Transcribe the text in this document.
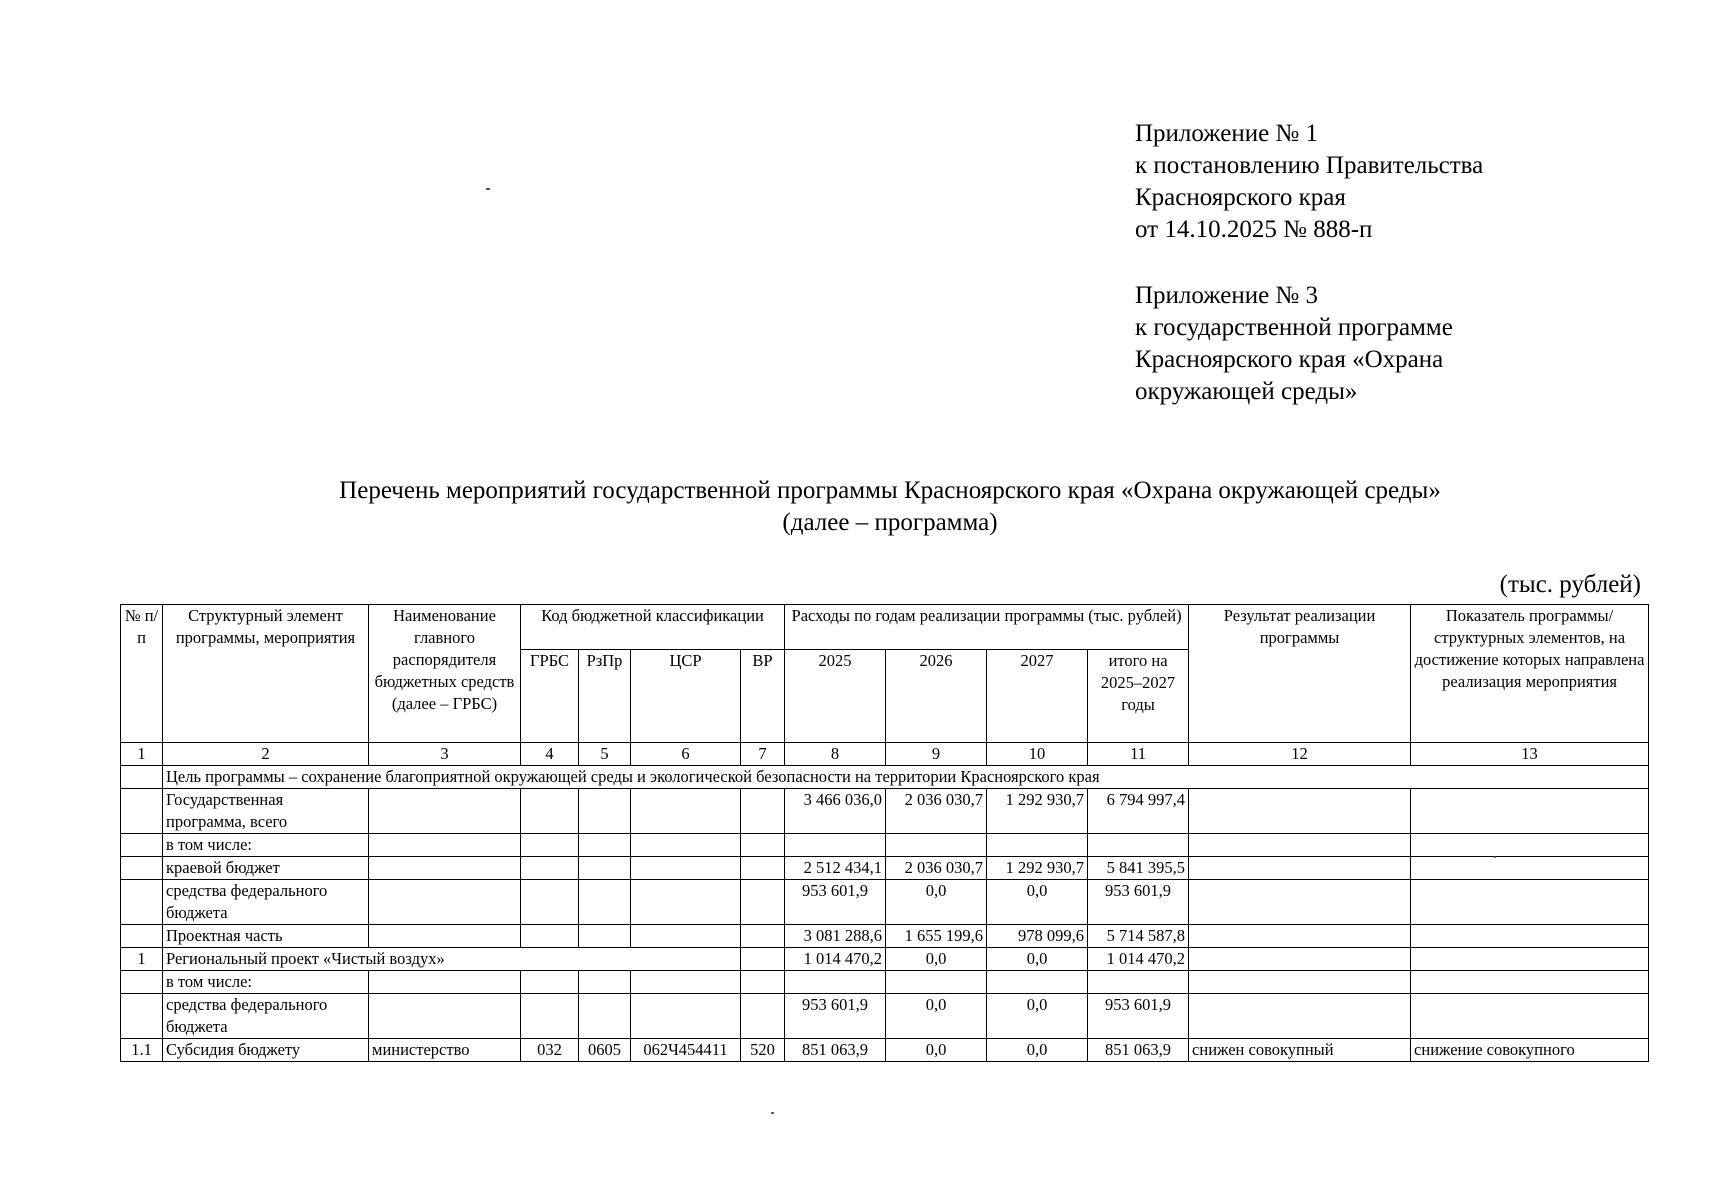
Приложение № 1
к постановлению Правительства
Красноярского края
от 14.10.2025 № 888-п
Приложение № 3
к государственной программе
Красноярского края «Охрана
окружающей среды»
Перечень мероприятий государственной программы Красноярского края «Охрана окружающей среды»
(далее – программа)
(тыс. рублей)
№ п/п	Структурный элемент программы, мероприятия	Наименование главного распорядителя бюджетных средств (далее – ГРБС)	Код бюджетной классификации				Расходы по годам реализации программы (тыс. рублей)				Результат реализации программы	Показатель программы/ структурных элементов, на достижение которых направлена реализация мероприятия
			ГРБС	РзПр	ЦСР	ВР	2025	2026	2027	итого на 2025–2027 годы		
1	2	3	4	5	6	7	8	9	10	11	12	13
	Цель программы – сохранение благоприятной окружающей среды и экологической безопасности на территории Красноярского края											
	Государственная программа, всего						3 466 036,0	2 036 030,7	1 292 930,7	6 794 997,4		
	в том числе:											
	краевой бюджет						2 512 434,1	2 036 030,7	1 292 930,7	5 841 395,5		
	средства федерального бюджета						953 601,9	0,0	0,0	953 601,9		
	Проектная часть						3 081 288,6	1 655 199,6	978 099,6	5 714 587,8		
1	Региональный проект «Чистый воздух»						1 014 470,2	0,0	0,0	1 014 470,2		
	в том числе:											
	средства федерального бюджета						953 601,9	0,0	0,0	953 601,9		
1.1	Субсидия бюджету	министерство	032	0605	062Ч454411	520	851 063,9	0,0	0,0	851 063,9	снижен совокупный	снижение совокупного
